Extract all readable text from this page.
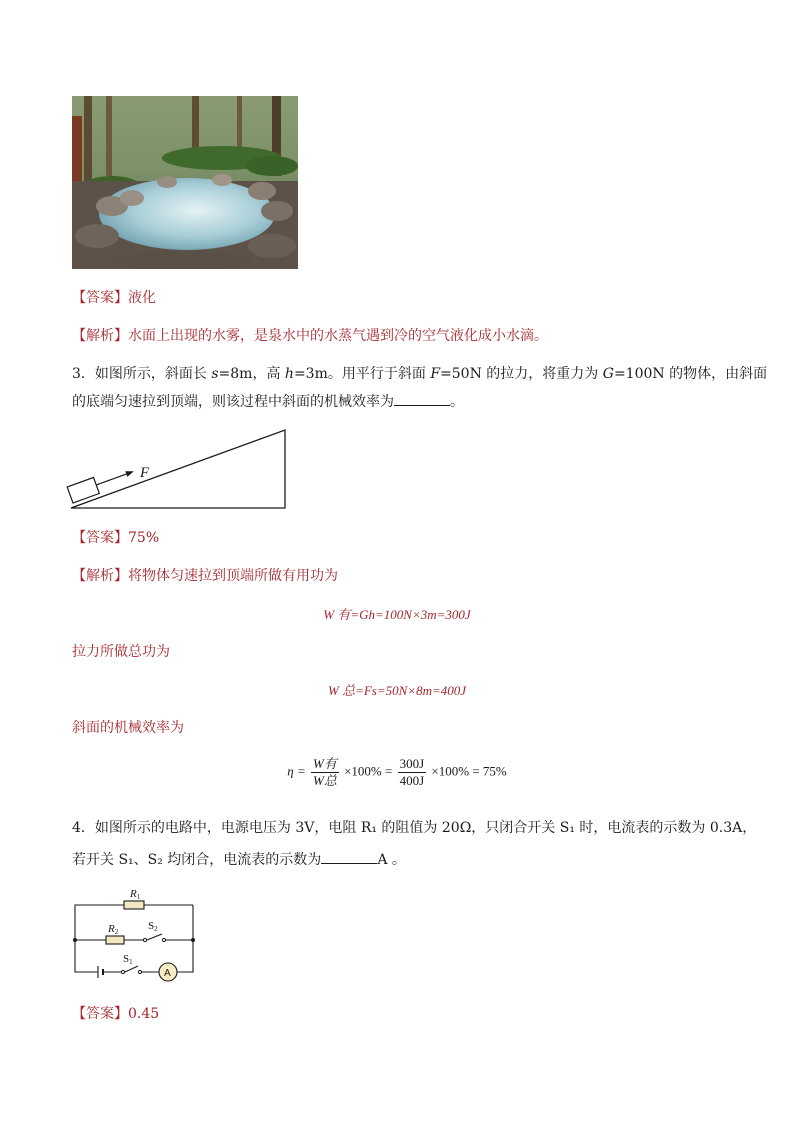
【答案】液化
【解析】水面上出现的水雾，是泉水中的水蒸气遇到冷的空气液化成小水滴。
3．如图所示，斜面长 s=8m，高 h=3m。用平行于斜面 F=50N 的拉力，将重力为 G=100N 的物体，由斜面
的底端匀速拉到顶端，则该过程中斜面的机械效率为	。
F
【答案】75%
【解析】将物体匀速拉到顶端所做有用功为
W 有=Gh=100N×3m=300J
拉力所做总功为
W 总=Fs=50N×8m=400J
斜面的机械效率为
$\eta = \frac{\text{W有}}{\text{W总}} \times 100\% = \frac{300J}{400J} \times 100\% = 75\%$
4．如图所示的电路中，电源电压为 3V，电阻 R₁ 的阻值为 20Ω，只闭合开关 S₁ 时，电流表的示数为 0.3A，
若开关 S₁、S₂ 均闭合，电流表的示数为	A 。
R1
R2	S2
S1
A
【答案】0.45
